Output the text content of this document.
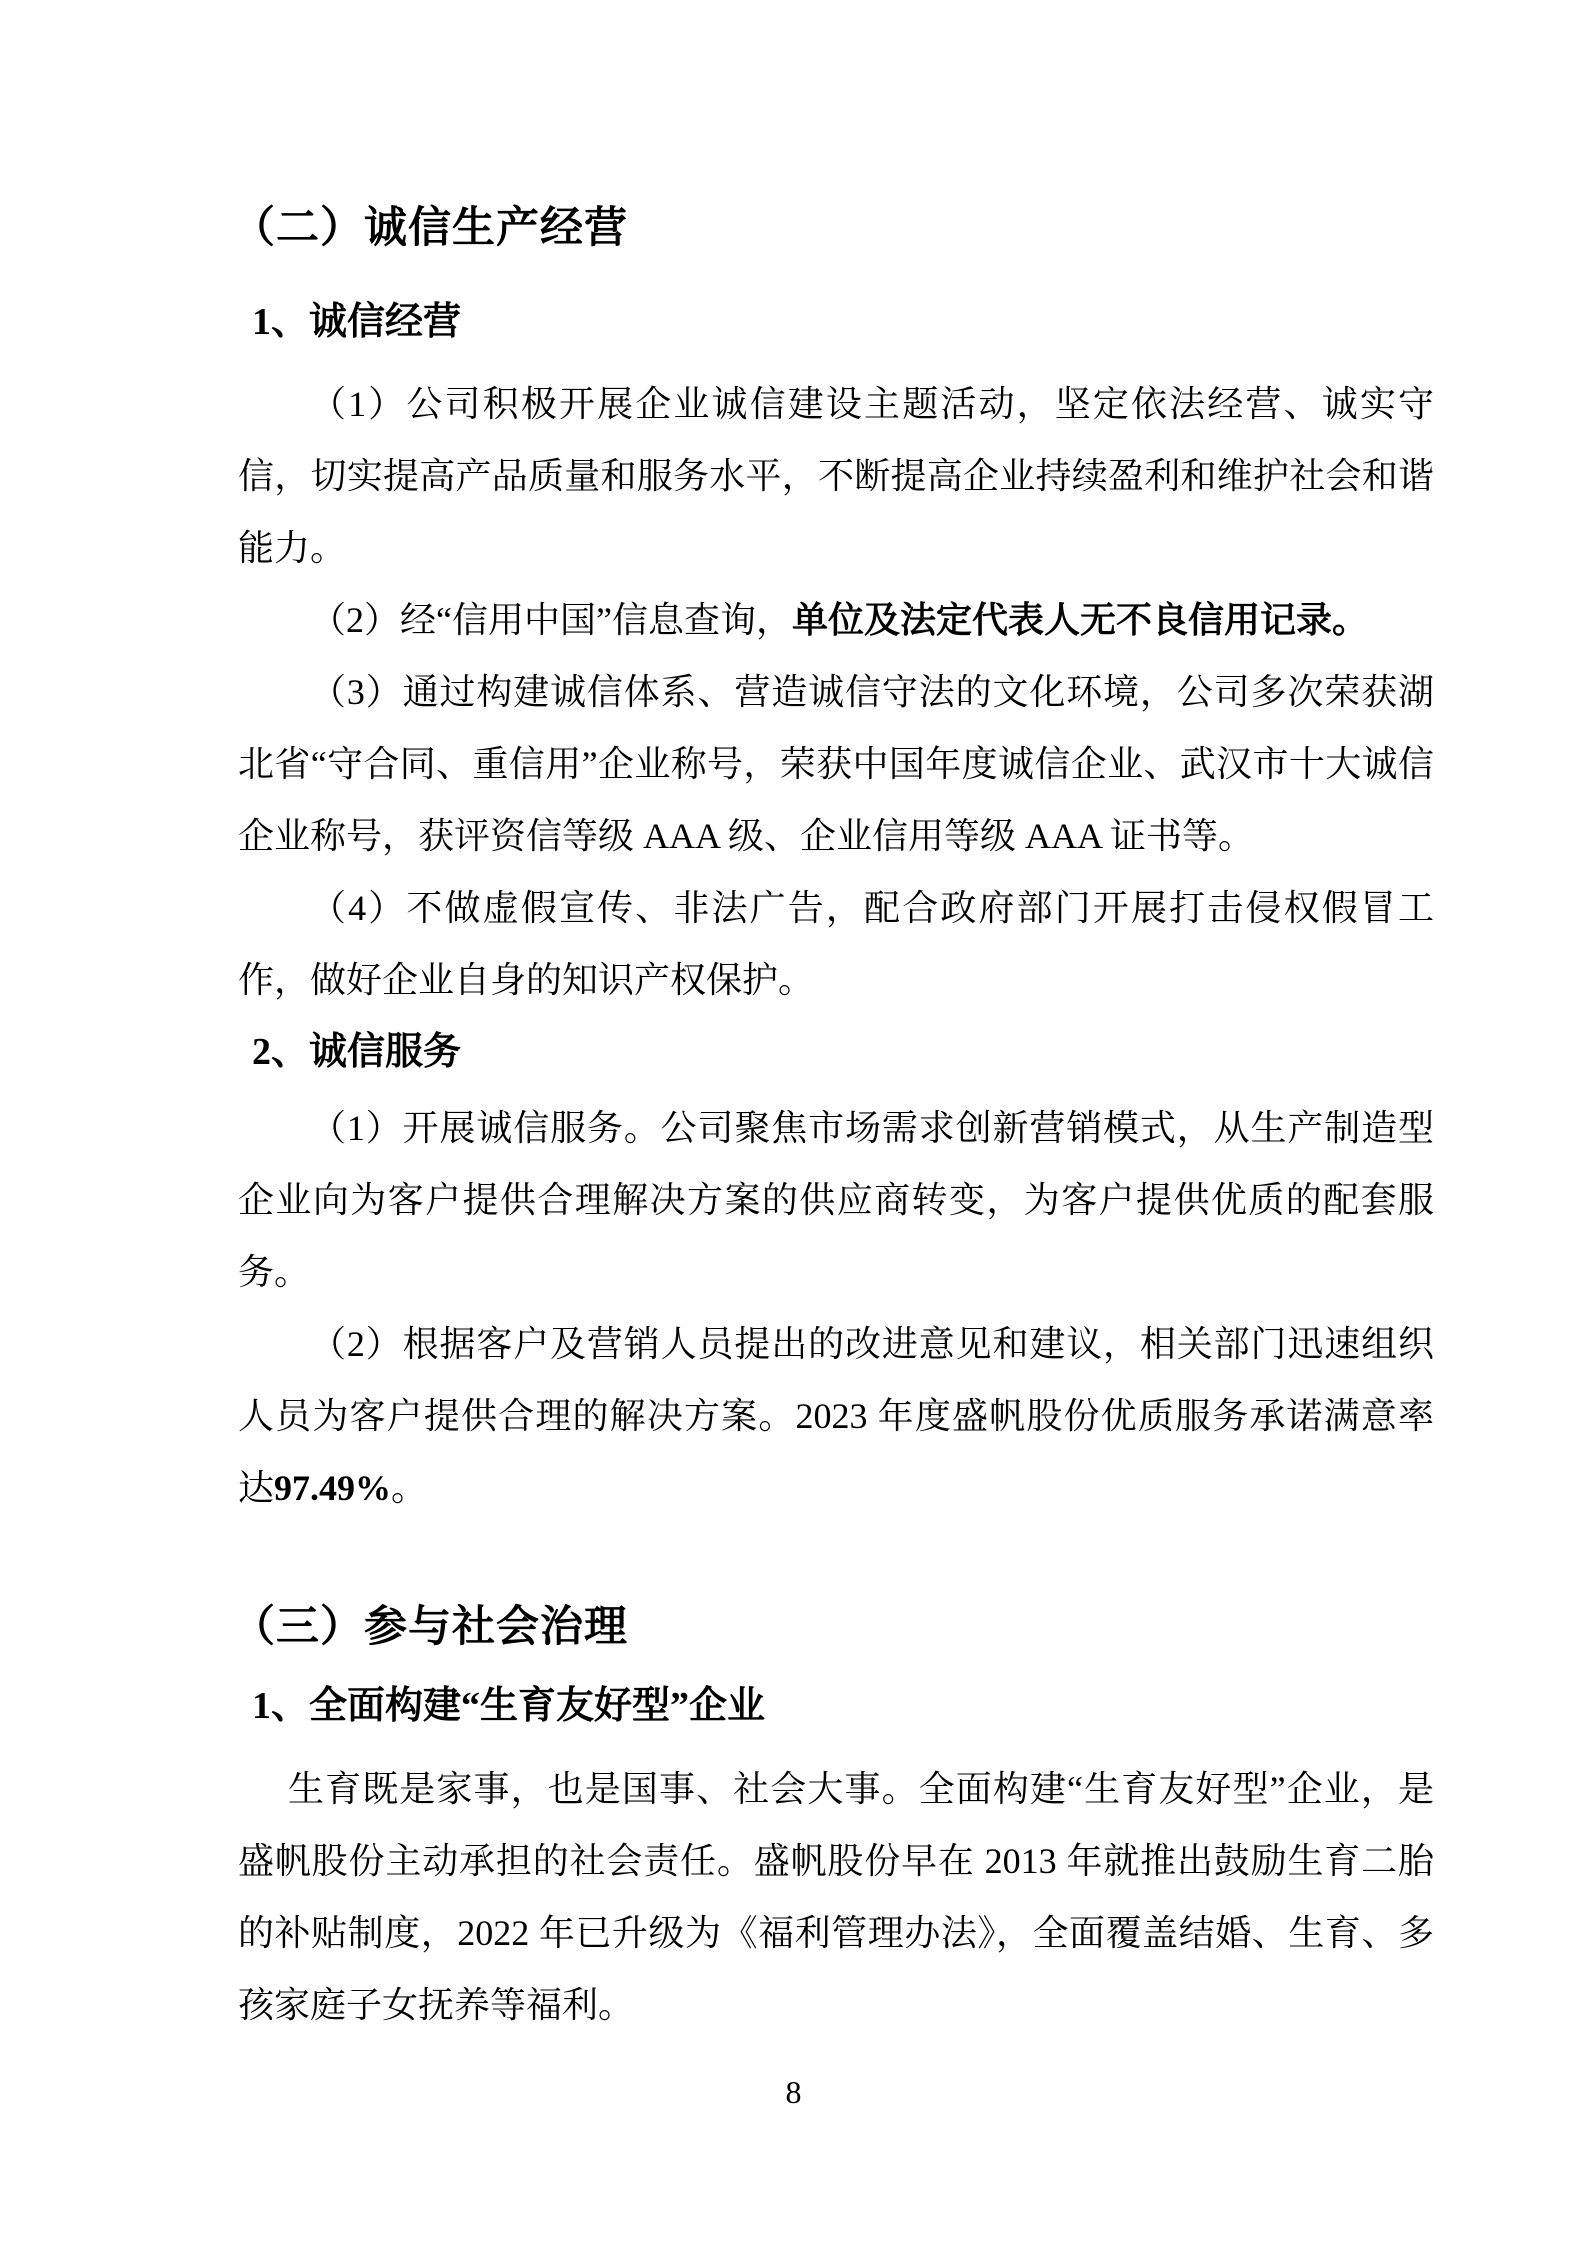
（二）诚信生产经营
1、诚信经营

（1）公司积极开展企业诚信建设主题活动，坚定依法经营、诚实守信，切实提高产品质量和服务水平，不断提高企业持续盈利和维护社会和谐能力。

（2）经“信用中国”信息查询，单位及法定代表人无不良信用记录。

（3）通过构建诚信体系、营造诚信守法的文化环境，公司多次荣获湖北省“守合同、重信用”企业称号，荣获中国年度诚信企业、武汉市十大诚信企业称号，获评资信等级 AAA 级、企业信用等级 AAA 证书等。

（4）不做虚假宣传、非法广告，配合政府部门开展打击侵权假冒工作，做好企业自身的知识产权保护。

2、诚信服务

（1）开展诚信服务。公司聚焦市场需求创新营销模式，从生产制造型企业向为客户提供合理解决方案的供应商转变，为客户提供优质的配套服务。

（2）根据客户及营销人员提出的改进意见和建议，相关部门迅速组织人员为客户提供合理的解决方案。2023 年度盛帆股份优质服务承诺满意率达97.49%。

（三）参与社会治理
1、全面构建“生育友好型”企业

生育既是家事，也是国事、社会大事。全面构建“生育友好型”企业，是盛帆股份主动承担的社会责任。盛帆股份早在 2013 年就推出鼓励生育二胎的补贴制度，2022 年已升级为《福利管理办法》，全面覆盖结婚、生育、多孩家庭子女抚养等福利。

8
